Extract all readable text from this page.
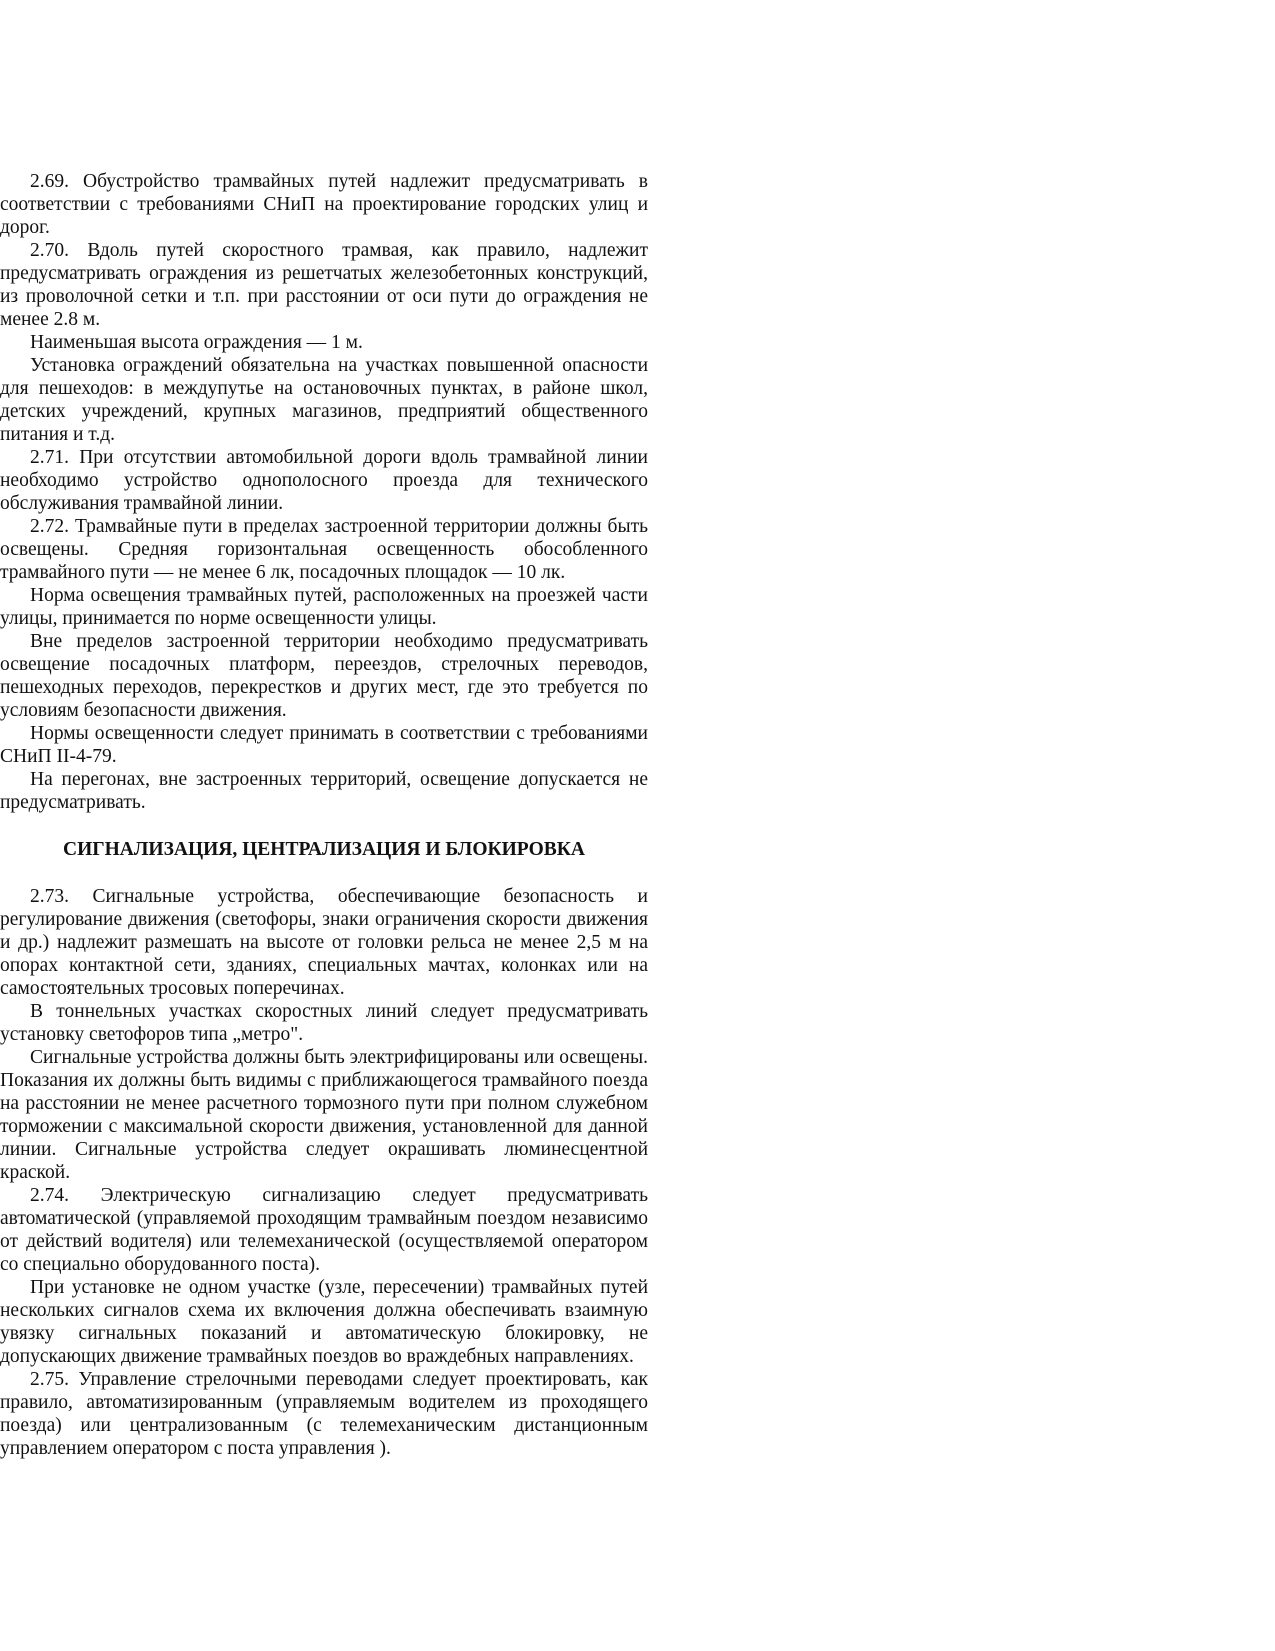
2.69. Обустройство трамвайных путей надлежит предусматривать в соответствии с требованиями СНиП на проектирование городских улиц и дорог.

2.70. Вдоль путей скоростного трамвая, как правило, надлежит предусматривать ограждения из решетчатых железобетонных конструкций, из проволочной сетки и т.п. при расстоянии от оси пути до ограждения не менее 2.8 м.

Наименьшая высота ограждения — 1 м.

Установка ограждений обязательна на участках повышенной опасности для пешеходов: в междупутье на остановочных пунктах, в районе школ, детских учреждений, крупных магазинов, предприятий общественного питания и т.д.

2.71. При отсутствии автомобильной дороги вдоль трамвайной линии необходимо устройство однополосного проезда для технического обслуживания трамвайной линии.

2.72. Трамвайные пути в пределах застроенной территории должны быть освещены. Средняя горизонтальная освещенность обособленного трамвайного пути — не менее 6 лк, посадочных площадок — 10 лк.

Норма освещения трамвайных путей, расположенных на проезжей части улицы, принимается по норме освещенности улицы.

Вне пределов застроенной территории необходимо предусматривать освещение посадочных платформ, переездов, стрелочных переводов, пешеходных переходов, перекрестков и других мест, где это требуется по условиям безопасности движения.

Нормы освещенности следует принимать в соответствии с требованиями СНиП II-4-79.

На перегонах, вне застроенных территорий, освещение допускается не предусматривать.

СИГНАЛИЗАЦИЯ, ЦЕНТРАЛИЗАЦИЯ И БЛОКИРОВКА

2.73. Сигнальные устройства, обеспечивающие безопасность и регулирование движения (светофоры, знаки ограничения скорости движения и др.) надлежит размешать на высоте от головки рельса не менее 2,5 м на опорах контактной сети, зданиях, специальных мачтах, колонках или на самостоятельных тросовых поперечинах.

В тоннельных участках скоростных линий следует предусматривать установку светофоров типа „метро".

Сигнальные устройства должны быть электрифицированы или освещены. Показания их должны быть видимы с приближающегося трамвайного поезда на расстоянии не менее расчетного тормозного пути при полном служебном торможении с максимальной скорости движения, установленной для данной линии. Сигнальные устройства следует окрашивать люминесцентной краской.

2.74. Электрическую сигнализацию следует предусматривать автоматической (управляемой проходящим трамвайным поездом независимо от действий водителя) или телемеханической (осуществляемой оператором со специально оборудованного поста).

При установке не одном участке (узле, пересечении) трамвайных путей нескольких сигналов схема их включения должна обеспечивать взаимную увязку сигнальных показаний и автоматическую блокировку, не допускающих движение трамвайных поездов во враждебных направлениях.

2.75. Управление стрелочными переводами следует проектировать, как правило, автоматизированным (управляемым водителем из проходящего поезда) или централизованным (с телемеханическим дистанционным управлением оператором с поста управления ).
